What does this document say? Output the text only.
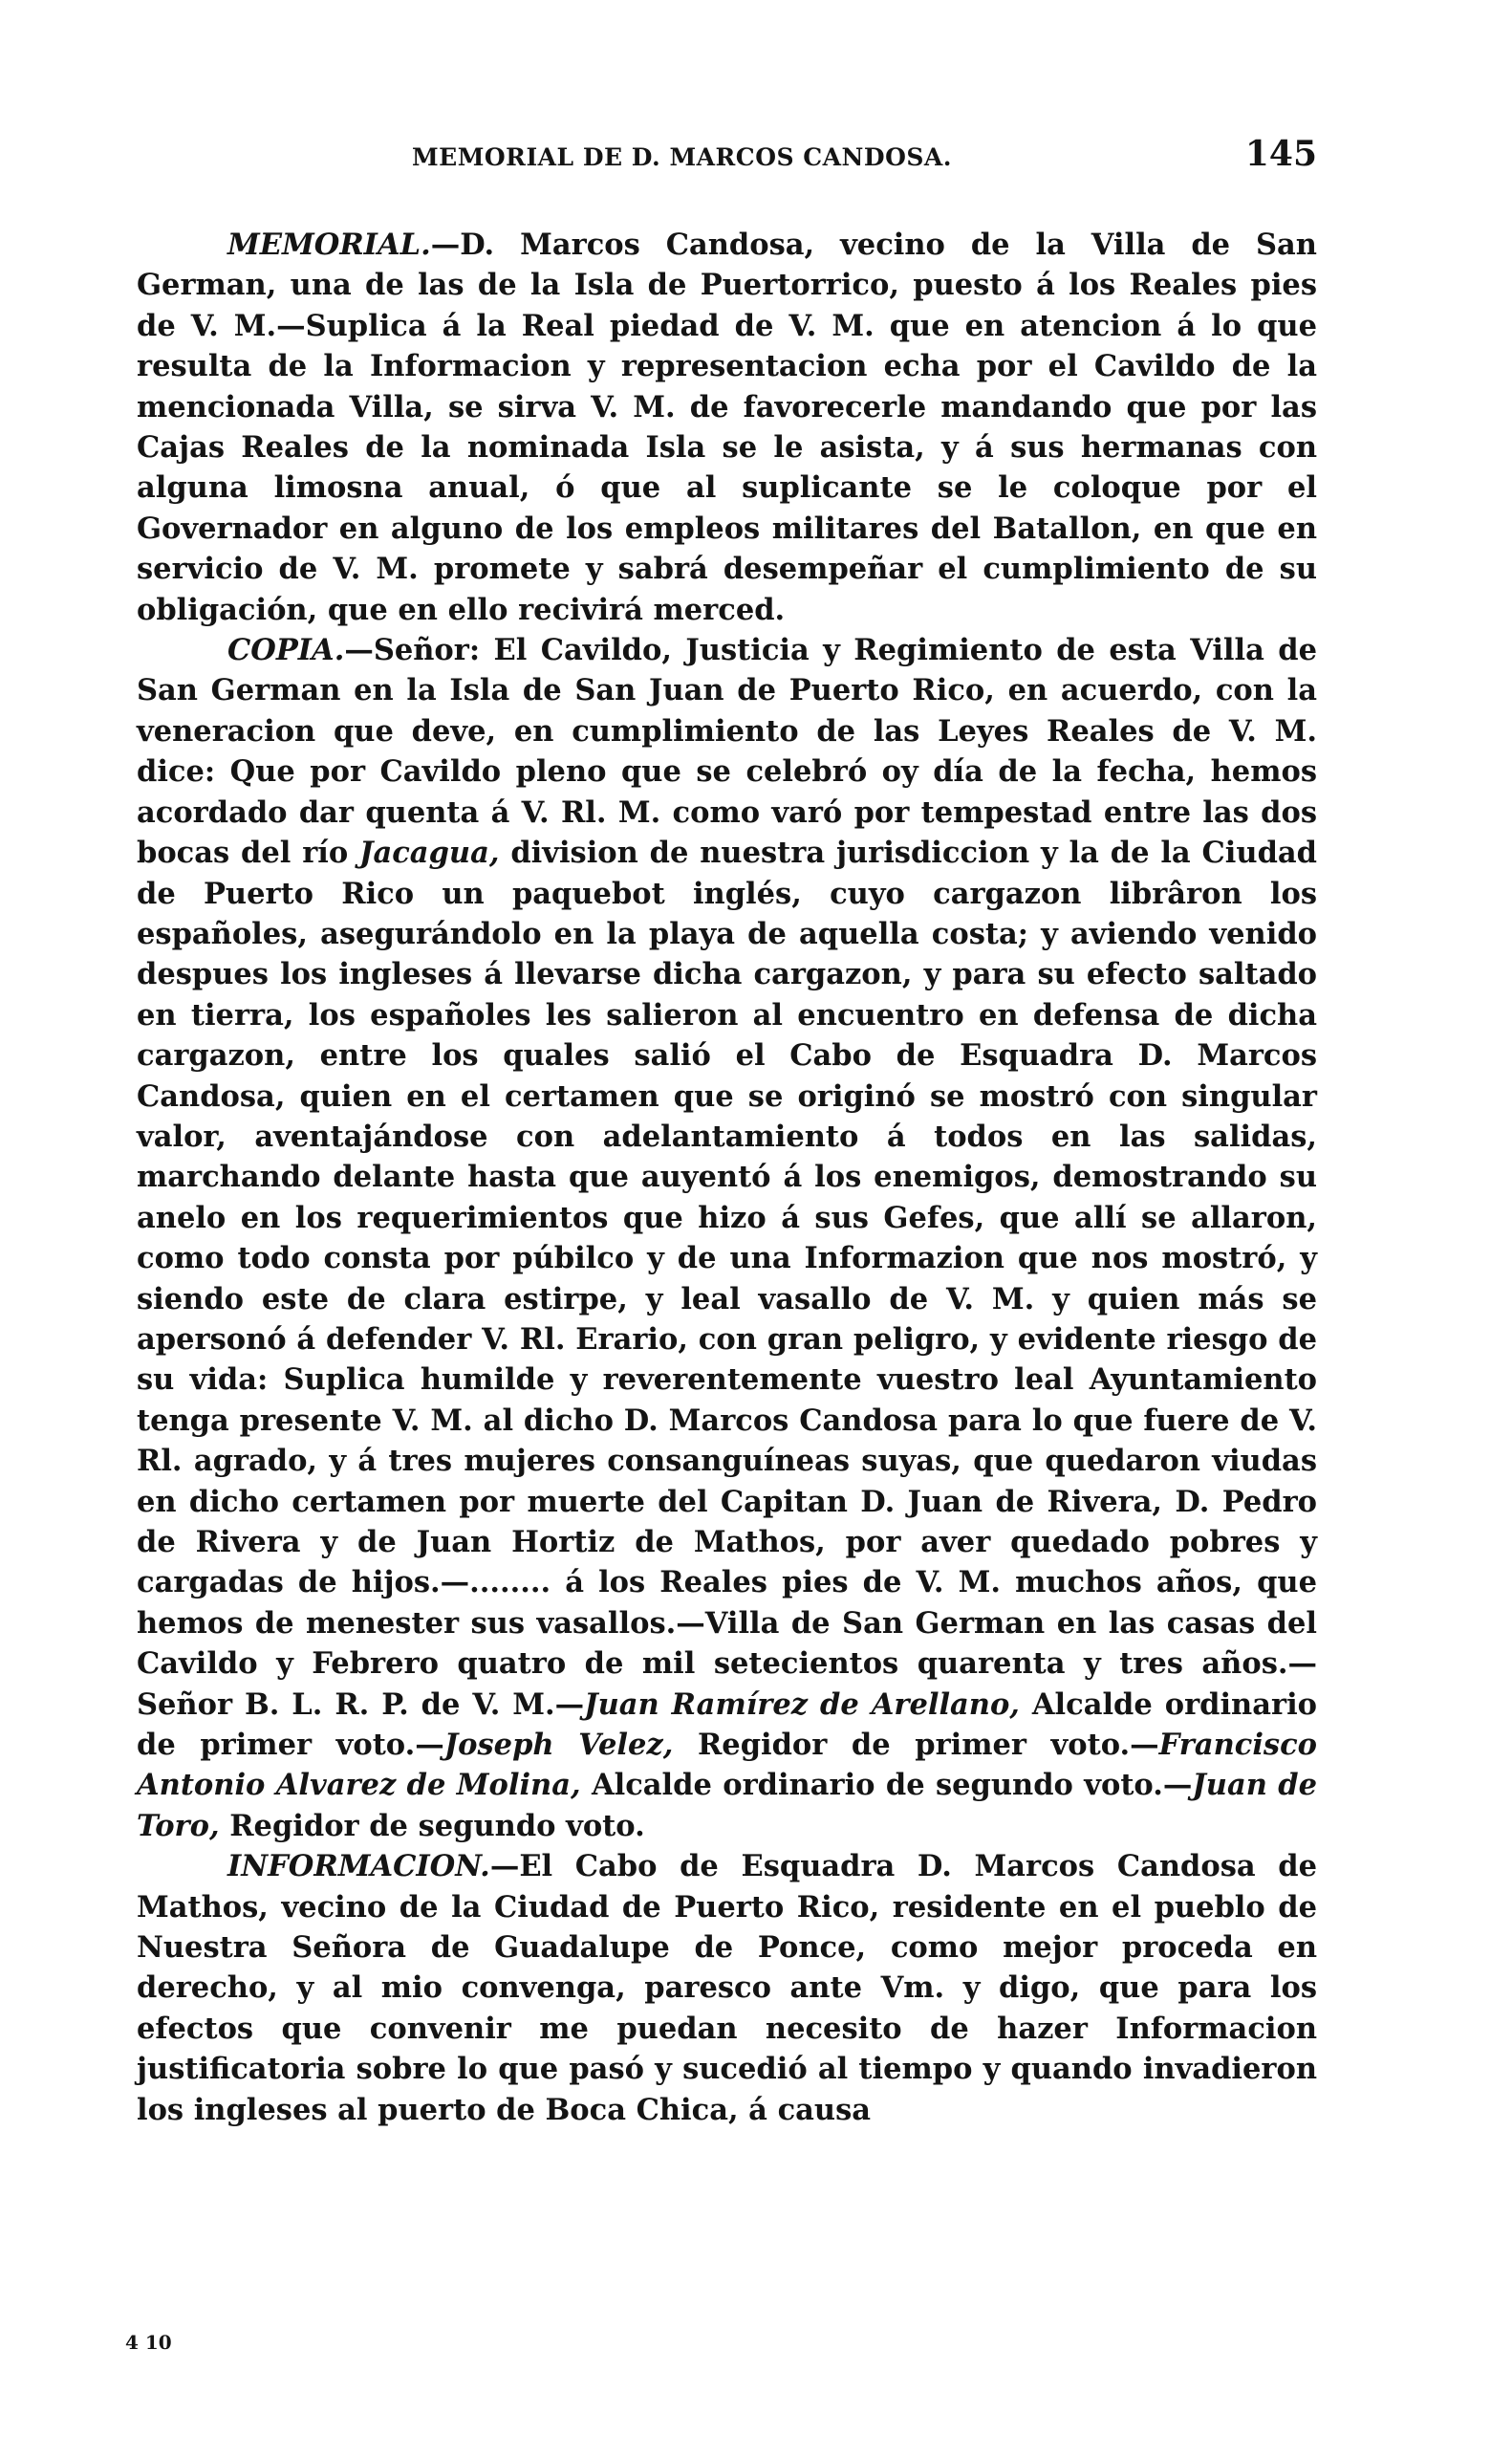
MEMORIAL DE D. MARCOS CANDOSA.	145

MEMORIAL.—D. Marcos Candosa, vecino de la Villa de San German, una de las de la Isla de Puertorrico, puesto á los Reales pies de V. M.—Suplica á la Real piedad de V. M. que en atencion á lo que resulta de la Informacion y representacion echa por el Cavildo de la mencionada Villa, se sirva V. M. de favorecerle mandando que por las Cajas Reales de la nominada Isla se le asista, y á sus hermanas con alguna limosna anual, ó que al suplicante se le coloque por el Governador en alguno de los empleos militares del Batallon, en que en servicio de V. M. promete y sabrá desempeñar el cumplimiento de su obligación, que en ello recivirá merced.

COPIA.—Señor: El Cavildo, Justicia y Regimiento de esta Villa de San German en la Isla de San Juan de Puerto Rico, en acuerdo, con la veneracion que deve, en cumplimiento de las Leyes Reales de V. M. dice: Que por Cavildo pleno que se celebró oy día de la fecha, hemos acordado dar quenta á V. Rl. M. como varó por tempestad entre las dos bocas del río Jacagua, division de nuestra jurisdiccion y la de la Ciudad de Puerto Rico un paquebot inglés, cuyo cargazon librâron los españoles, asegurándolo en la playa de aquella costa; y aviendo venido despues los ingleses á llevarse dicha cargazon, y para su efecto saltado en tierra, los españoles les salieron al encuentro en defensa de dicha cargazon, entre los quales salió el Cabo de Esquadra D. Marcos Candosa, quien en el certamen que se originó se mostró con singular valor, aventajándose con adelantamiento á todos en las salidas, marchando delante hasta que auyentó á los enemigos, demostrando su anelo en los requerimientos que hizo á sus Gefes, que allí se allaron, como todo consta por púbilco y de una Informazion que nos mostró, y siendo este de clara estirpe, y leal vasallo de V. M. y quien más se apersonó á defender V. Rl. Erario, con gran peligro, y evidente riesgo de su vida: Suplica humilde y reverentemente vuestro leal Ayuntamiento tenga presente V. M. al dicho D. Marcos Candosa para lo que fuere de V. Rl. agrado, y á tres mujeres consanguíneas suyas, que quedaron viudas en dicho certamen por muerte del Capitan D. Juan de Rivera, D. Pedro de Rivera y de Juan Hortiz de Mathos, por aver quedado pobres y cargadas de hijos.—........ á los Reales pies de V. M. muchos años, que hemos de menester sus vasallos.—Villa de San German en las casas del Cavildo y Febrero quatro de mil setecientos quarenta y tres años.—Señor B. L. R. P. de V. M.—Juan Ramírez de Arellano, Alcalde ordinario de primer voto.—Joseph Velez, Regidor de primer voto.—Francisco Antonio Alvarez de Molina, Alcalde ordinario de segundo voto.—Juan de Toro, Regidor de segundo voto.

INFORMACION.—El Cabo de Esquadra D. Marcos Candosa de Mathos, vecino de la Ciudad de Puerto Rico, residente en el pueblo de Nuestra Señora de Guadalupe de Ponce, como mejor proceda en derecho, y al mio convenga, paresco ante Vm. y digo, que para los efectos que convenir me puedan necesito de hazer Informacion justificatoria sobre lo que pasó y sucedió al tiempo y quando invadieron los ingleses al puerto de Boca Chica, á causa

4 10
